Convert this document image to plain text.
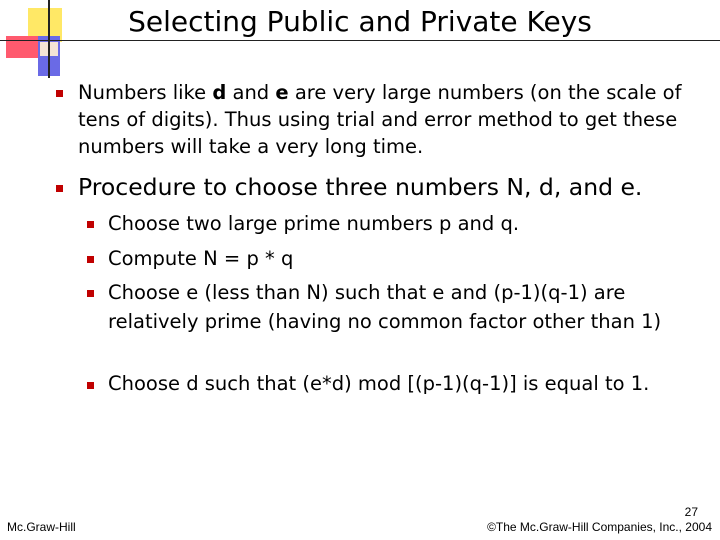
Selecting Public and Private Keys
Numbers like d and e are very large numbers (on the scale of tens of digits). Thus using trial and error method to get these numbers will take a very long time.
Procedure to choose three numbers N, d, and e.
Choose two large prime numbers p and q.
Compute N = p * q
Choose e (less than N) such that e and (p-1)(q-1) are relatively prime (having no common factor other than 1)
Choose d such that (e*d) mod [(p-1)(q-1)] is equal to 1.
Mc.Graw-Hill
27
©The Mc.Graw-Hill Companies, Inc., 2004
